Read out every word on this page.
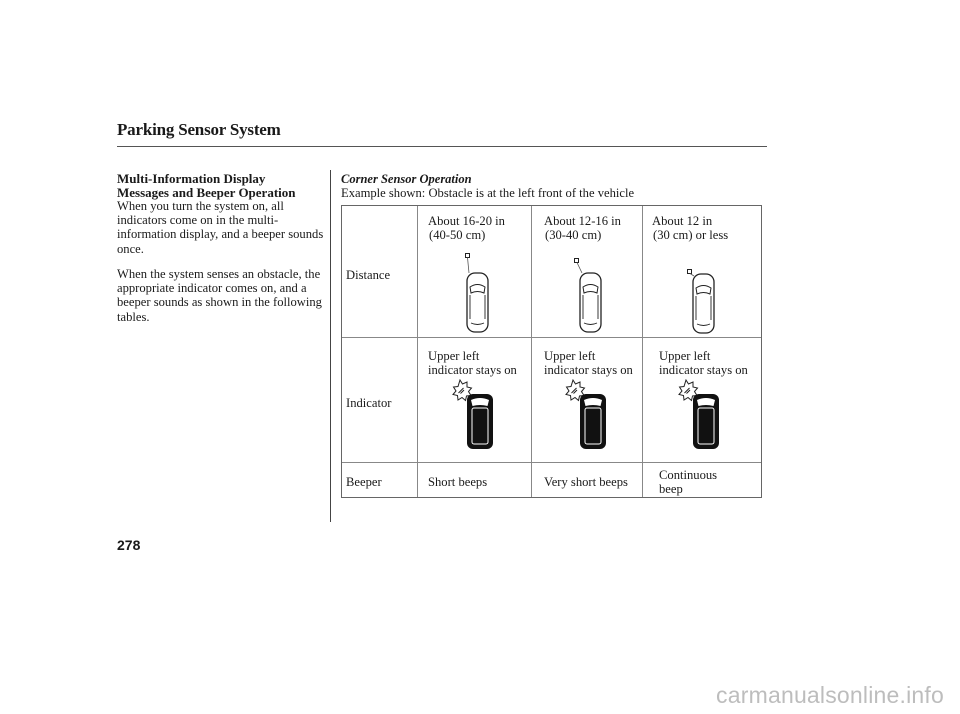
Parking Sensor System
Multi-Information Display
Messages and Beeper Operation
When you turn the system on, all indicators come on in the multi-information display, and a beeper sounds once.
When the system senses an obstacle, the appropriate indicator comes on, and a beeper sounds as shown in the following tables.
Corner Sensor Operation
Example shown: Obstacle is at the left front of the vehicle
Distance
Indicator
Beeper
About 16-20 in
(40-50 cm)
Upper left
indicator stays on
Short beeps
About 12-16 in
(30-40 cm)
Upper left
indicator stays on
Very short beeps
About 12 in
(30 cm) or less
Upper left
indicator stays on
Continuous
beep
278
carmanualsonline.info
